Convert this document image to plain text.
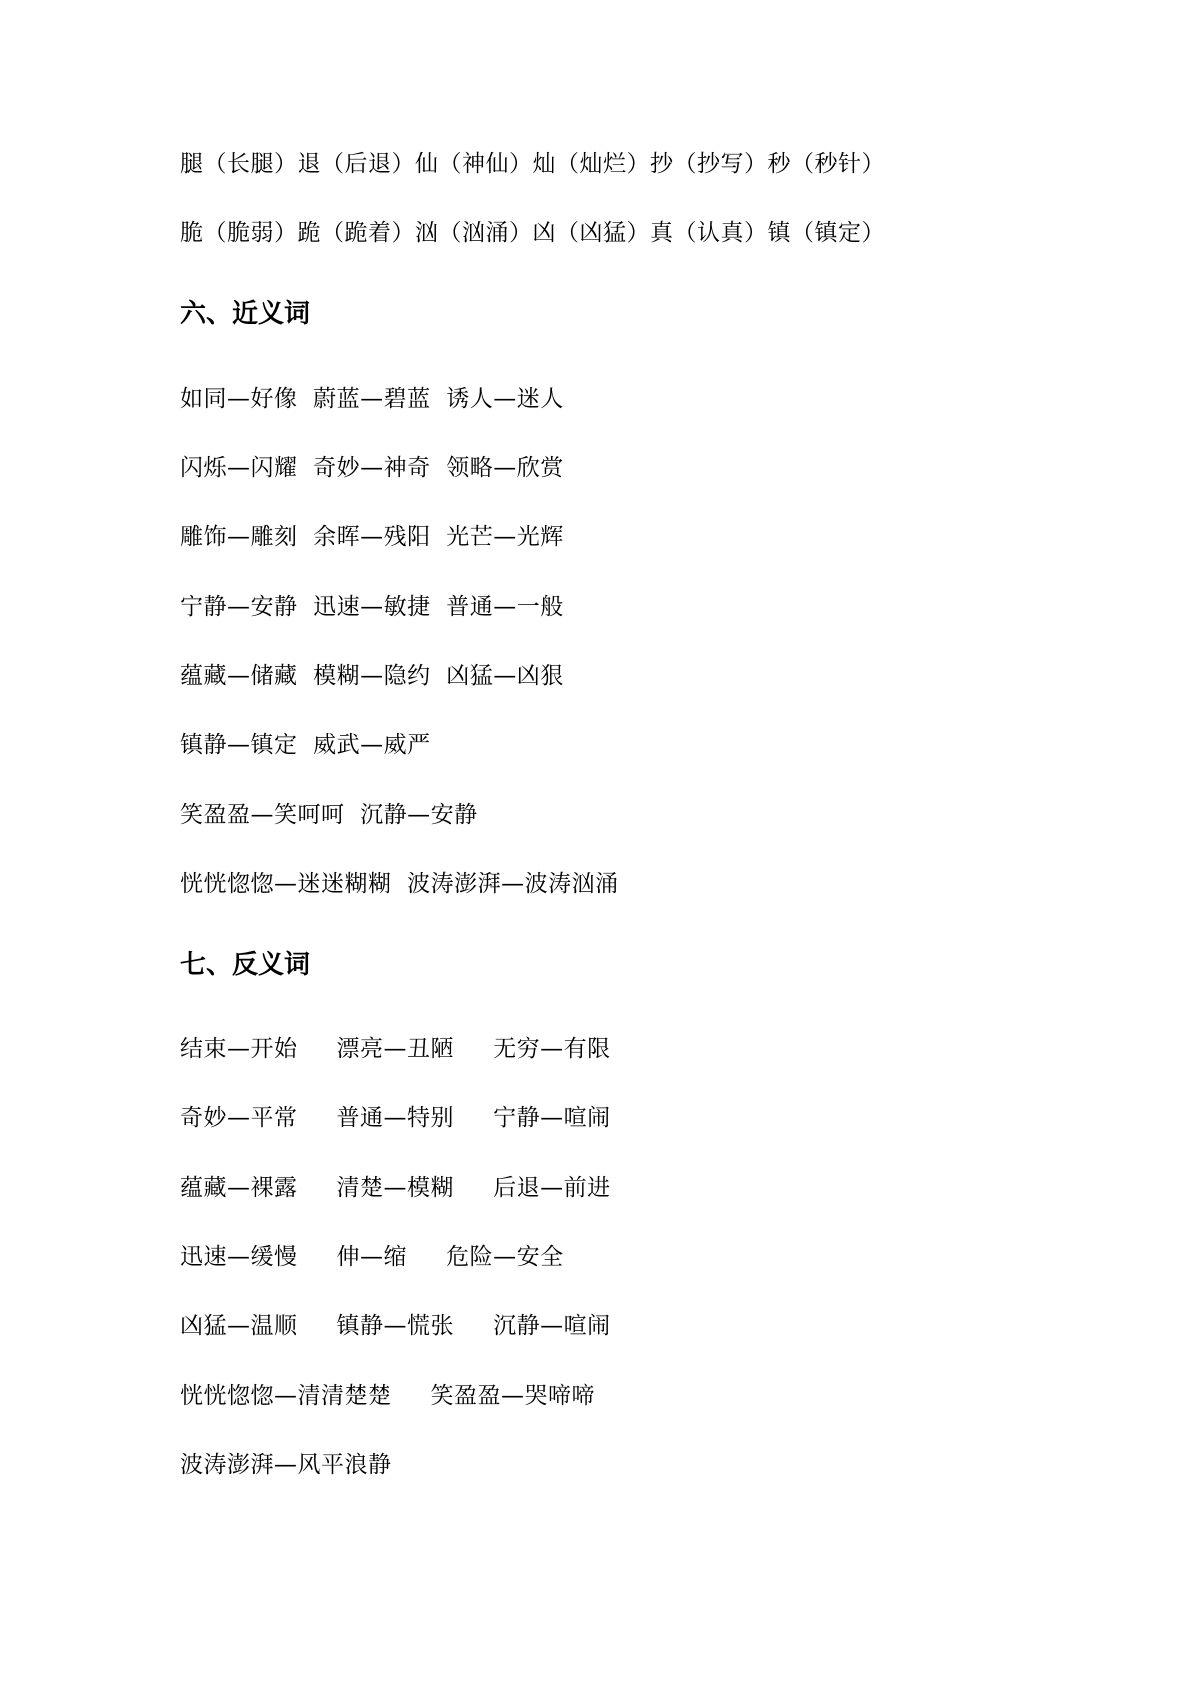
腿（长腿）退（后退）仙（神仙）灿（灿烂）抄（抄写）秒（秒针）
脆（脆弱）跪（跪着）汹（汹涌）凶（凶猛）真（认真）镇（镇定）
六、近义词
如同—好像  蔚蓝—碧蓝  诱人—迷人
闪烁—闪耀  奇妙—神奇  领略—欣赏
雕饰—雕刻  余晖—残阳  光芒—光辉
宁静—安静  迅速—敏捷  普通—一般
蕴藏—储藏  模糊—隐约  凶猛—凶狠
镇静—镇定  威武—威严
笑盈盈—笑呵呵  沉静—安静
恍恍惚惚—迷迷糊糊  波涛澎湃—波涛汹涌
七、反义词
结束—开始     漂亮—丑陋     无穷—有限
奇妙—平常     普通—特别     宁静—喧闹
蕴藏—裸露     清楚—模糊     后退—前进
迅速—缓慢     伸—缩     危险—安全
凶猛—温顺     镇静—慌张     沉静—喧闹
恍恍惚惚—清清楚楚     笑盈盈—哭啼啼
波涛澎湃—风平浪静
